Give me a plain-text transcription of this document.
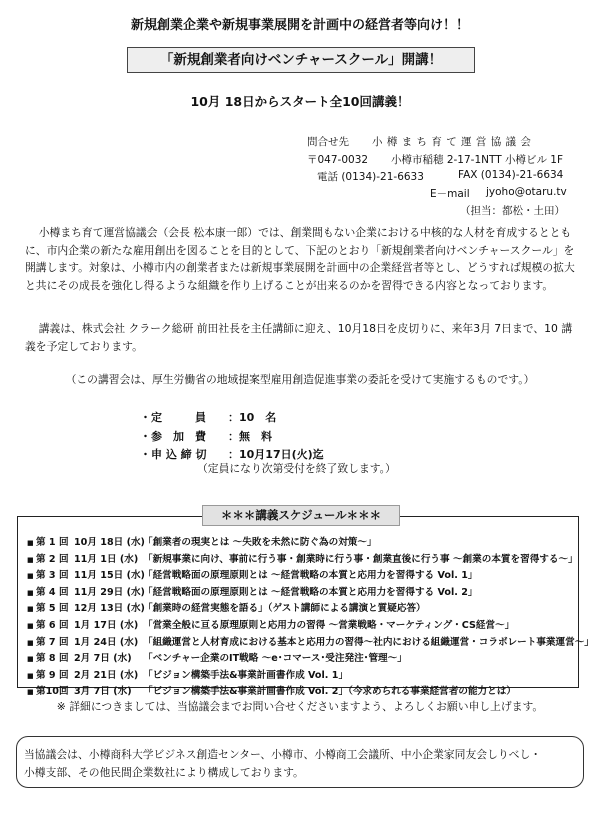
新規創業企業や新規事業展開を計画中の経営者等向け！！
「新規創業者向けベンチャースクール」開講！
10月 18日からスタート全10回講義！
問合せ先 小 樽 ま ち 育 て 運 営 協 議 会
〒047-0032 小樽市稲穂 2-17-1NTT 小樽ビル 1F
電話 (0134)-21-6633	FAX (0134)-21-6634
E－mail jyoho@otaru.tv
（担当：都松・土田）

小樽まち育て運営協議会（会長 松本康一郎）では、創業間もない企業における中核的な人材を育成するとともに、市内企業の新たな雇用創出を図ることを目的として、下記のとおり「新規創業者向けベンチャースクール」を開講します。対象は、小樽市内の創業者または新規事業展開を計画中の企業経営者等とし、どうすれば規模の拡大と共にその成長を強化し得るような組織を作り上げることが出来るのかを習得できる内容となっております。

講義は、株式会社 クラーク総研 前田社長を主任講師に迎え、10月18日を皮切りに、来年3月 7日まで、10 講義を予定しております。

（この講習会は、厚生労働省の地域提案型雇用創造促進事業の委託を受けて実施するものです。）
・定　　　員 ：10　名
・参　加　費 ：無　料
・申 込 締 切 ：10月17日(火)迄
（定員になり次第受付を終了致します。）
＊＊＊講義スケジュール＊＊＊
■ 第 1 回 10月 18日 (水)「創業者の現実とは ～失敗を未然に防ぐ為の対策～」
■ 第 2 回 11月 1日 (水) 「新規事業に向け、事前に行う事・創業時に行う事・創業直後に行う事 ～創業の本質を習得する～」
■ 第 3 回 11月 15日 (水)「経営戦略面の原理原則とは ～経営戦略の本質と応用力を習得する Vol. 1」
■ 第 4 回 11月 29日 (水)「経営戦略面の原理原則とは ～経営戦略の本質と応用力を習得する Vol. 2」
■ 第 5 回 12月 13日 (水)「創業時の経営実態を語る」（ゲスト講師による講演と質疑応答）
■ 第 6 回 1月 17日 (水) 「営業全般に亘る原理原則と応用力の習得 ～営業戦略・マーケティング・CS経営～」
■ 第 7 回 1月 24日 (水) 「組織運営と人材育成における基本と応用力の習得～社内における組織運営・コラボレート事業運営～」
■ 第 8 回 2月 7日 (水) 「ベンチャー企業のIT戦略 ～e･コマース･受注発注･管理～」
■ 第 9 回 2月 21日 (水) 「ビジョン構築手法&事業計画書作成 Vol. 1」
■ 第10回 3月 7日 (水) 「ビジョン構築手法&事業計画書作成 Vol. 2」（今求められる事業経営者の能力とは）
※ 詳細につきましては、当協議会までお問い合せくださいますよう、よろしくお願い申し上げます。

当協議会は、小樽商科大学ビジネス創造センター、小樽市、小樽商工会議所、中小企業家同友会しりべし・

小樽支部、その他民間企業数社により構成しております。
